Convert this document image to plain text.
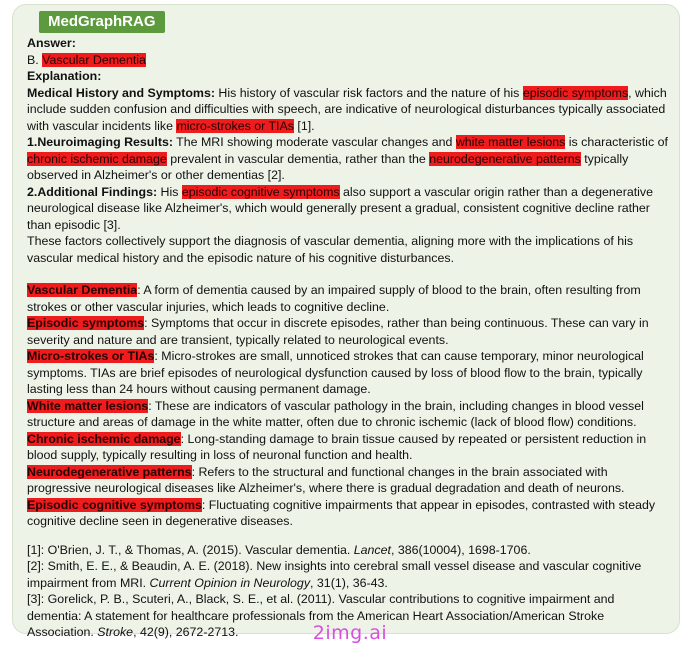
MedGraphRAG

Answer:

B. Vascular Dementia

Explanation:

Medical History and Symptoms: His history of vascular risk factors and the nature of his episodic symptoms, which include sudden confusion and difficulties with speech, are indicative of neurological disturbances typically associated with vascular incidents like micro-strokes or TIAs [1].

1.Neuroimaging Results: The MRI showing moderate vascular changes and white matter lesions is characteristic of chronic ischemic damage prevalent in vascular dementia, rather than the neurodegenerative patterns typically observed in Alzheimer's or other dementias [2].

2.Additional Findings: His episodic cognitive symptoms also support a vascular origin rather than a degenerative neurological disease like Alzheimer's, which would generally present a gradual, consistent cognitive decline rather than episodic [3].

These factors collectively support the diagnosis of vascular dementia, aligning more with the implications of his vascular medical history and the episodic nature of his cognitive disturbances.

Vascular Dementia: A form of dementia caused by an impaired supply of blood to the brain, often resulting from strokes or other vascular injuries, which leads to cognitive decline.

Episodic symptoms: Symptoms that occur in discrete episodes, rather than being continuous. These can vary in severity and nature and are transient, typically related to neurological events.

Micro-strokes or TIAs: Micro-strokes are small, unnoticed strokes that can cause temporary, minor neurological symptoms. TIAs are brief episodes of neurological dysfunction caused by loss of blood flow to the brain, typically lasting less than 24 hours without causing permanent damage.

White matter lesions: These are indicators of vascular pathology in the brain, including changes in blood vessel structure and areas of damage in the white matter, often due to chronic ischemic (lack of blood flow) conditions.

Chronic ischemic damage: Long-standing damage to brain tissue caused by repeated or persistent reduction in blood supply, typically resulting in loss of neuronal function and health.

Neurodegenerative patterns: Refers to the structural and functional changes in the brain associated with progressive neurological diseases like Alzheimer's, where there is gradual degradation and death of neurons.

Episodic cognitive symptoms: Fluctuating cognitive impairments that appear in episodes, contrasted with steady cognitive decline seen in degenerative diseases.

[1]: O'Brien, J. T., & Thomas, A. (2015). Vascular dementia. Lancet, 386(10004), 1698-1706.

[2]: Smith, E. E., & Beaudin, A. E. (2018). New insights into cerebral small vessel disease and vascular cognitive impairment from MRI. Current Opinion in Neurology, 31(1), 36-43.

[3]: Gorelick, P. B., Scuteri, A., Black, S. E., et al. (2011). Vascular contributions to cognitive impairment and dementia: A statement for healthcare professionals from the American Heart Association/American Stroke Association. Stroke, 42(9), 2672-2713.	2img.ai
